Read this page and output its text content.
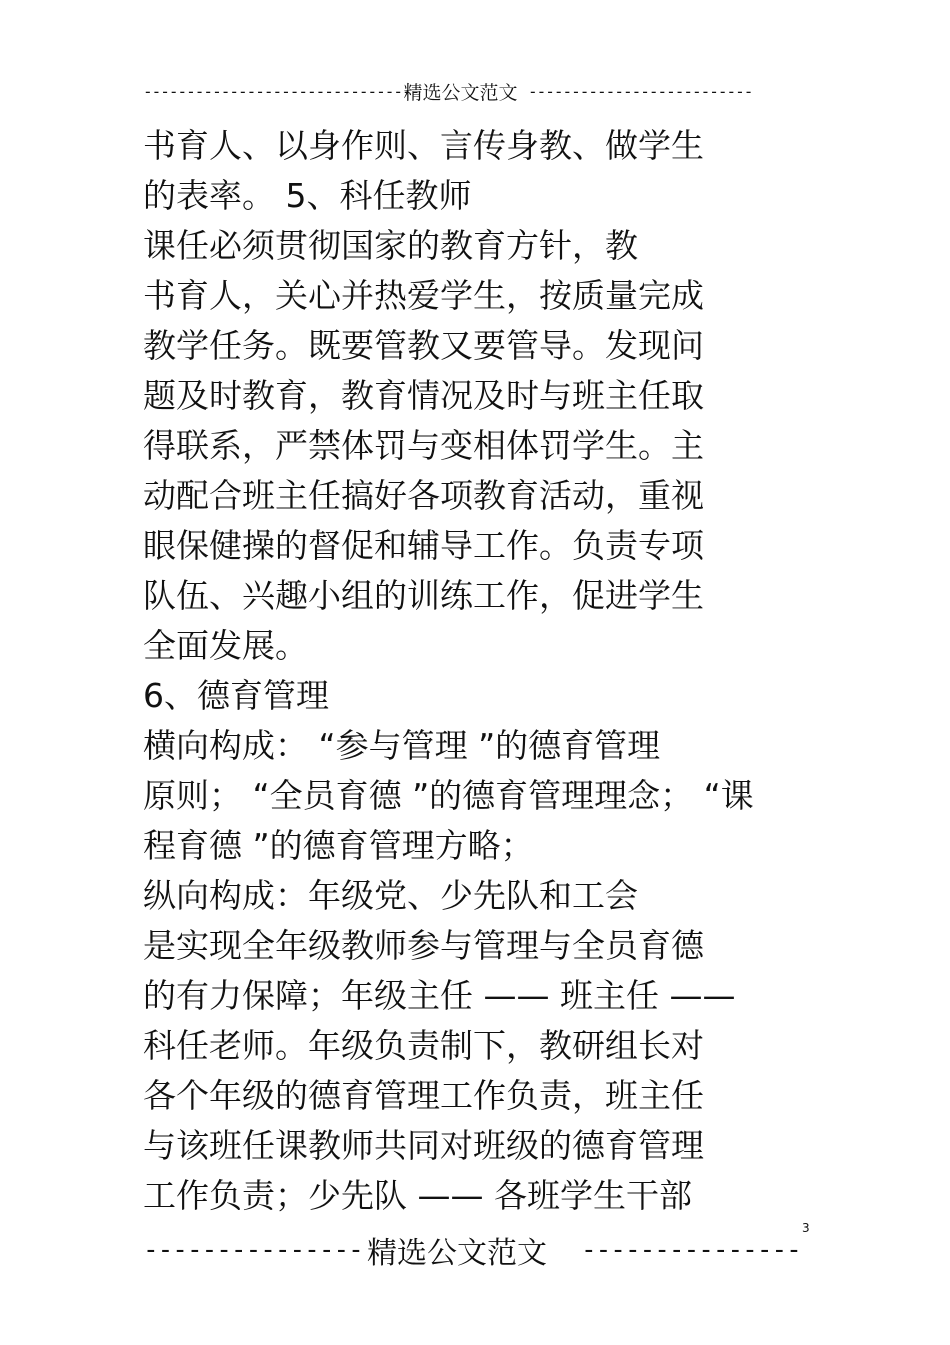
--------------------------------
精选公文范文 --------------------------
书育人、以身作则、言传身教、做学生
的表率。 5、科任教师
课任必须贯彻国家的教育方针，教
书育人，关心并热爱学生，按质量完成
教学任务。既要管教又要管导。发现问
题及时教育，教育情况及时与班主任取
得联系，严禁体罚与变相体罚学生。主
动配合班主任搞好各项教育活动，重视
眼保健操的督促和辅导工作。负责专项
队伍、兴趣小组的训练工作，促进学生
全面发展。
6、德育管理
横向构成： “参与管理 ”的德育管理
原则； “全员育德 ”的德育管理理念； “课
程育德 ”的德育管理方略；
纵向构成：年级党、少先队和工会
是实现全年级教师参与管理与全员育德
的有力保障；年级主任 —— 班主任 ——
科任老师。年级负责制下，教研组长对
各个年级的德育管理工作负责，班主任
与该班任课教师共同对班级的德育管理
工作负责；少先队 —— 各班学生干部
3
--------------- 精选公文范文 ---------------
